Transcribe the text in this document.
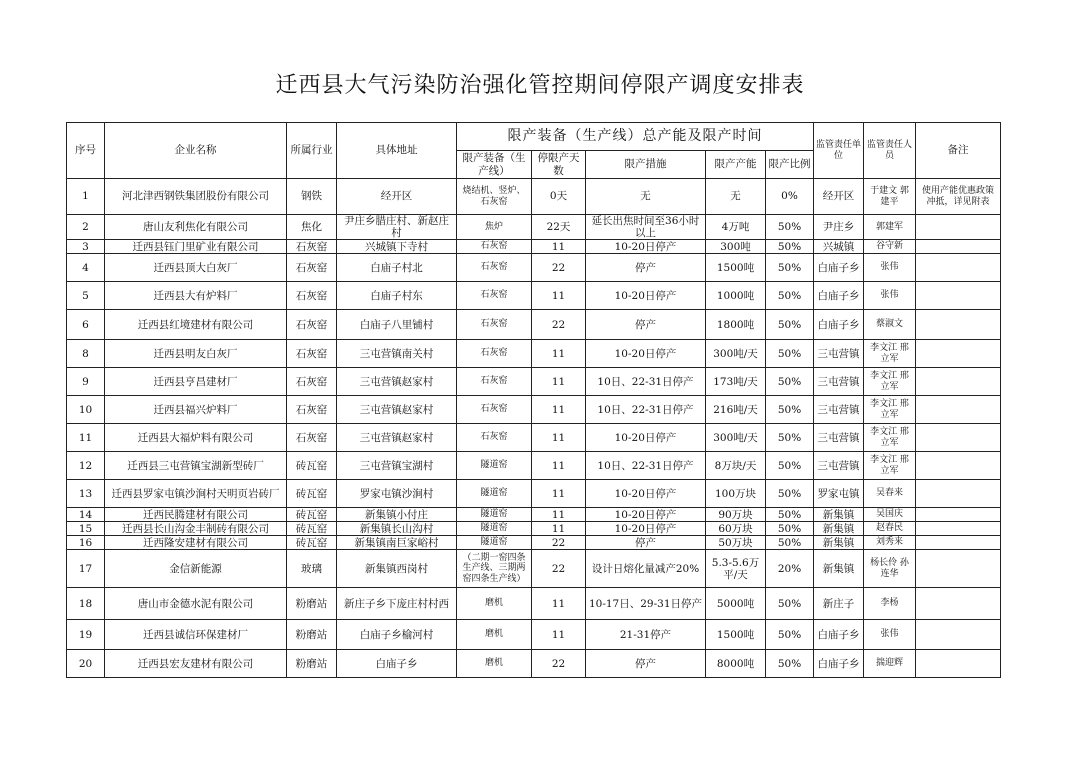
迁西县大气污染防治强化管控期间停限产调度安排表
序号	企业名称	所属行业	具体地址	限产装备（生产线）总产能及限产时间					监管责任单位	监管责任人员	备注
				限产装备（生产线）	停限产天数	限产措施	限产产能	限产比例			
1	河北津西钢铁集团股份有限公司	钢铁	经开区	烧结机、竖炉、石灰窑	0天	无	无	0%	经开区	于建文 郭建平	使用产能优惠政策冲抵，详见附表
2	唐山友利焦化有限公司	焦化	尹庄乡腊庄村、新赵庄村	焦炉	22天	延长出焦时间至36小时以上	4万吨	50%	尹庄乡	郭建军	
3	迁西县钰门里矿业有限公司	石灰窑	兴城镇下寺村	石灰窑	11	10-20日停产	300吨	50%	兴城镇	谷守新	
4	迁西县顶大白灰厂	石灰窑	白庙子村北	石灰窑	22	停产	1500吨	50%	白庙子乡	张伟	
5	迁西县大有炉料厂	石灰窑	白庙子村东	石灰窑	11	10-20日停产	1000吨	50%	白庙子乡	张伟	
6	迁西县红境建材有限公司	石灰窑	白庙子八里铺村	石灰窑	22	停产	1800吨	50%	白庙子乡	蔡淑文	
8	迁西县明友白灰厂	石灰窑	三屯营镇南关村	石灰窑	11	10-20日停产	300吨/天	50%	三屯营镇	李文江 邢立军	
9	迁西县亨昌建材厂	石灰窑	三屯营镇赵家村	石灰窑	11	10日、22-31日停产	173吨/天	50%	三屯营镇	李文江 邢立军	
10	迁西县福兴炉料厂	石灰窑	三屯营镇赵家村	石灰窑	11	10日、22-31日停产	216吨/天	50%	三屯营镇	李文江 邢立军	
11	迁西县大福炉料有限公司	石灰窑	三屯营镇赵家村	石灰窑	11	10-20日停产	300吨/天	50%	三屯营镇	李文江 邢立军	
12	迁西县三屯营镇宝湖新型砖厂	砖瓦窑	三屯营镇宝湖村	隧道窑	11	10日、22-31日停产	8万块/天	50%	三屯营镇	李文江 邢立军	
13	迁西县罗家屯镇沙涧村天明页岩砖厂	砖瓦窑	罗家屯镇沙涧村	隧道窑	11	10-20日停产	100万块	50%	罗家屯镇	吴春来	
14	迁西民腾建材有限公司	砖瓦窑	新集镇小付庄	隧道窑	11	10-20日停产	90万块	50%	新集镇	吴国庆	
15	迁西县长山沟金丰制砖有限公司	砖瓦窑	新集镇长山沟村	隧道窑	11	10-20日停产	60万块	50%	新集镇	赵春民	
16	迁西隆安建材有限公司	砖瓦窑	新集镇南巨家峪村	隧道窑	22	停产	50万块	50%	新集镇	刘秀来	
17	金信新能源	玻璃	新集镇西岗村	（二期一窑四条生产线、三期两窑四条生产线）	22	设计日熔化量减产20%	5.3-5.6万平/天	20%	新集镇	杨长伶 孙连华	
18	唐山市金德水泥有限公司	粉磨站	新庄子乡下庞庄村村西	磨机	11	10-17日、29-31日停产	5000吨	50%	新庄子	李杨	
19	迁西县诚信环保建材厂	粉磨站	白庙子乡榆河村	磨机	11	21-31停产	1500吨	50%	白庙子乡	张伟	
20	迁西县宏友建材有限公司	粉磨站	白庙子乡	磨机	22	停产	8000吨	50%	白庙子乡	揣迎辉	
